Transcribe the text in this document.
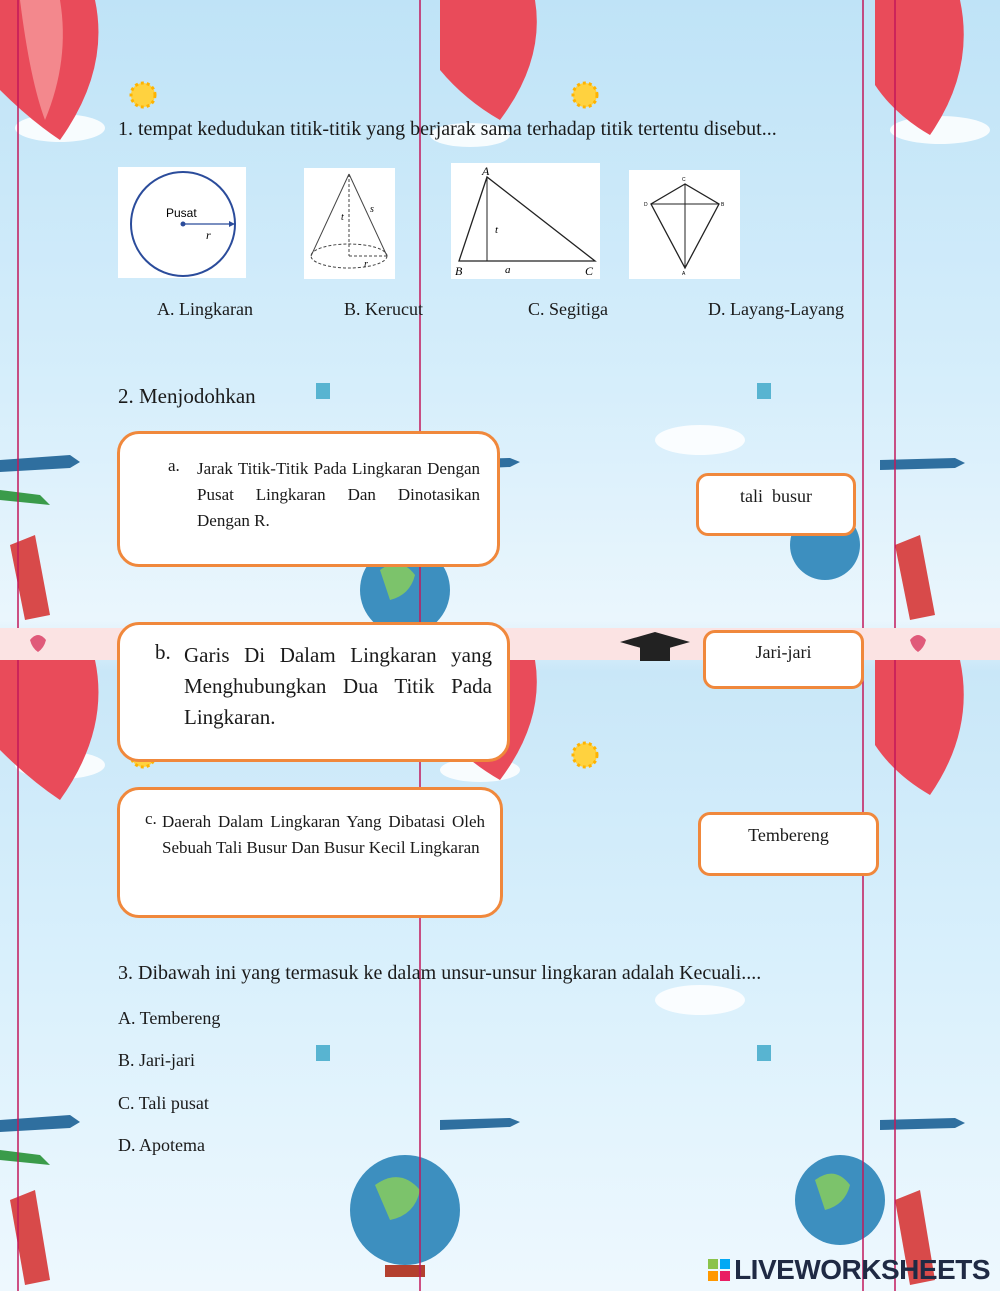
1. tempat kedudukan titik-titik yang berjarak sama terhadap titik tertentu disebut...
Pusat
r
t
s
r
A
B	C
t
a
C
D	B
A
A. Lingkaran	B. Kerucut	C. Segitiga	D. Layang-Layang
2. Menjodohkan
a. Jarak Titik-Titik Pada Lingkaran Dengan Pusat Lingkaran Dan Dinotasikan Dengan R.
b. Garis Di Dalam Lingkaran yang Menghubungkan Dua Titik Pada Lingkaran.
c. Daerah Dalam Lingkaran Yang Dibatasi Oleh Sebuah Tali Busur Dan Busur Kecil Lingkaran
tali  busur
Jari-jari
Tembereng
3. Dibawah ini yang termasuk ke dalam unsur-unsur lingkaran adalah Kecuali....
A. Tembereng
B. Jari-jari
C. Tali pusat
D. Apotema
LIVEWORKSHEETS
